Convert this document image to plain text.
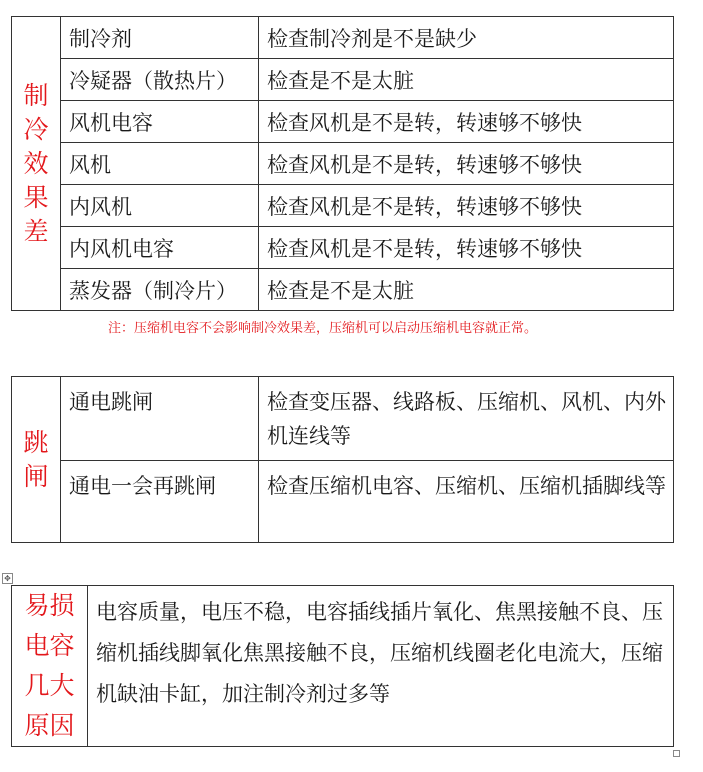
制
冷
效
果
差	制冷剂	检查制冷剂是不是缺少
	冷疑器（散热片）	检查是不是太脏
	风机电容	检查风机是不是转，转速够不够快
	风机	检查风机是不是转，转速够不够快
	内风机	检查风机是不是转，转速够不够快
	内风机电容	检查风机是不是转，转速够不够快
	蒸发器（制冷片）	检查是不是太脏
注：压缩机电容不会影响制冷效果差，压缩机可以启动压缩机电容就正常。
跳
闸	通电跳闸	检查变压器、线路板、压缩机、风机、内外机连线等
	通电一会再跳闸	检查压缩机电容、压缩机、压缩机插脚线等
✥
易损
电容
几大
原因
	电容质量，电压不稳，电容插线插片氧化、焦黑接触不良、压缩机插线脚氧化焦黑接触不良，压缩机线圈老化电流大，压缩机缺油卡缸，加注制冷剂过多等
